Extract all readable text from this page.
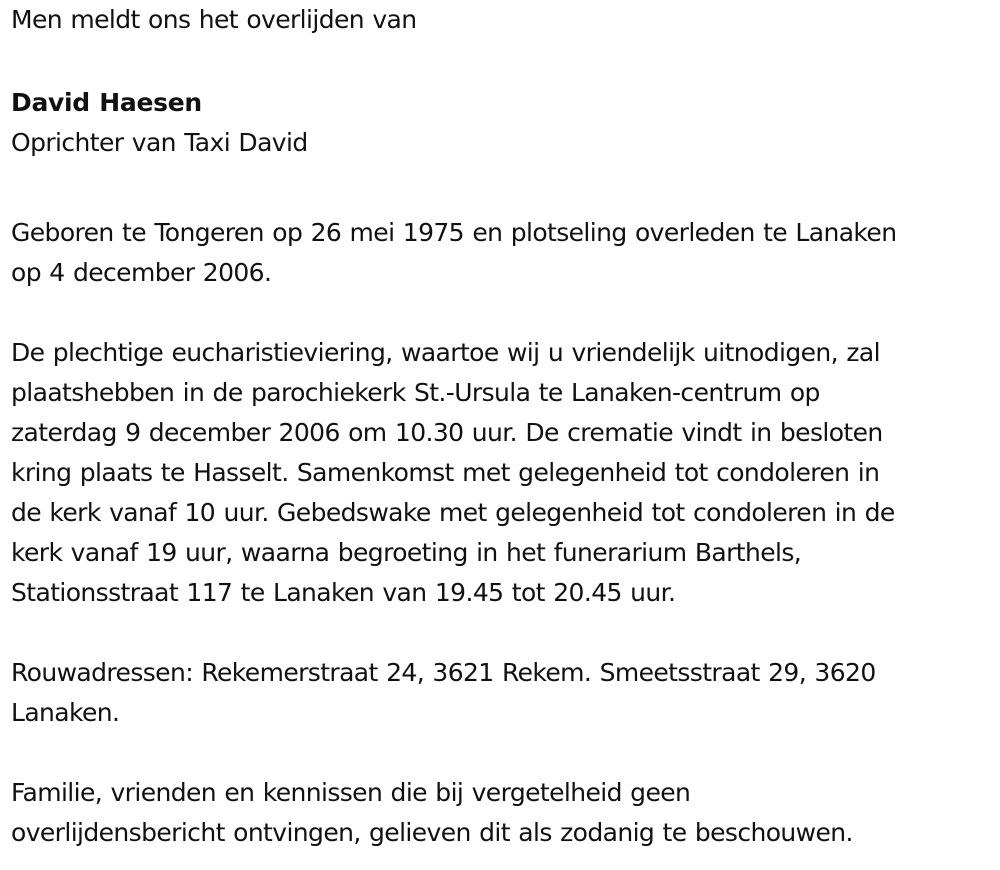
Men meldt ons het overlijden van

David Haesen

Oprichter van Taxi David

Geboren te Tongeren op 26 mei 1975 en plotseling overleden te Lanaken

op 4 december 2006.

De plechtige eucharistieviering, waartoe wij u vriendelijk uitnodigen, zal

plaatshebben in de parochiekerk St.-Ursula te Lanaken-centrum op

zaterdag 9 december 2006 om 10.30 uur. De crematie vindt in besloten

kring plaats te Hasselt. Samenkomst met gelegenheid tot condoleren in

de kerk vanaf 10 uur. Gebedswake met gelegenheid tot condoleren in de

kerk vanaf 19 uur, waarna begroeting in het funerarium Barthels,

Stationsstraat 117 te Lanaken van 19.45 tot 20.45 uur.

Rouwadressen: Rekemerstraat 24, 3621 Rekem. Smeetsstraat 29, 3620

Lanaken.

Familie, vrienden en kennissen die bij vergetelheid geen

overlijdensbericht ontvingen, gelieven dit als zodanig te beschouwen.
